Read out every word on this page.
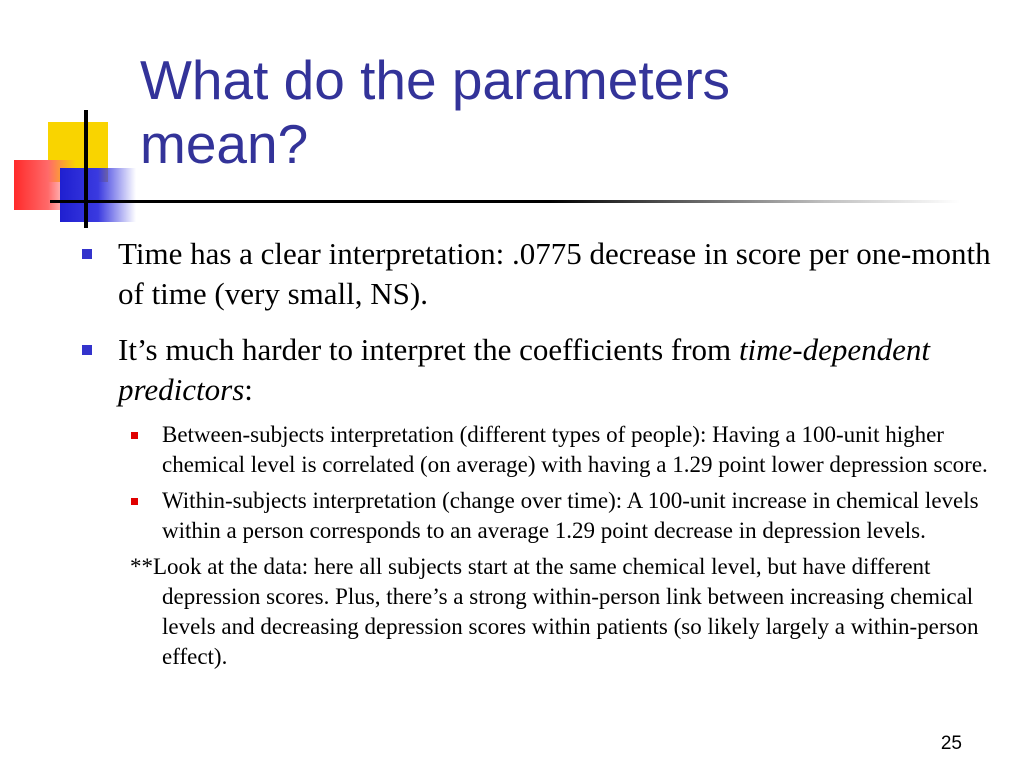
What do the parameters
mean?
Time has a clear interpretation: .0775 decrease in score per one-month of time (very small, NS).
It’s much harder to interpret the coefficients from time-dependent predictors:
Between-subjects interpretation (different types of people): Having a 100-unit higher chemical level is correlated (on average) with having a 1.29 point lower depression score.
Within-subjects interpretation (change over time): A 100-unit increase in chemical levels within a person corresponds to an average 1.29 point decrease in depression levels.
**Look at the data: here all subjects start at the same chemical level, but have different depression scores. Plus, there’s a strong within-person link between increasing chemical levels and decreasing depression scores within patients (so likely largely a within-person effect).
25
